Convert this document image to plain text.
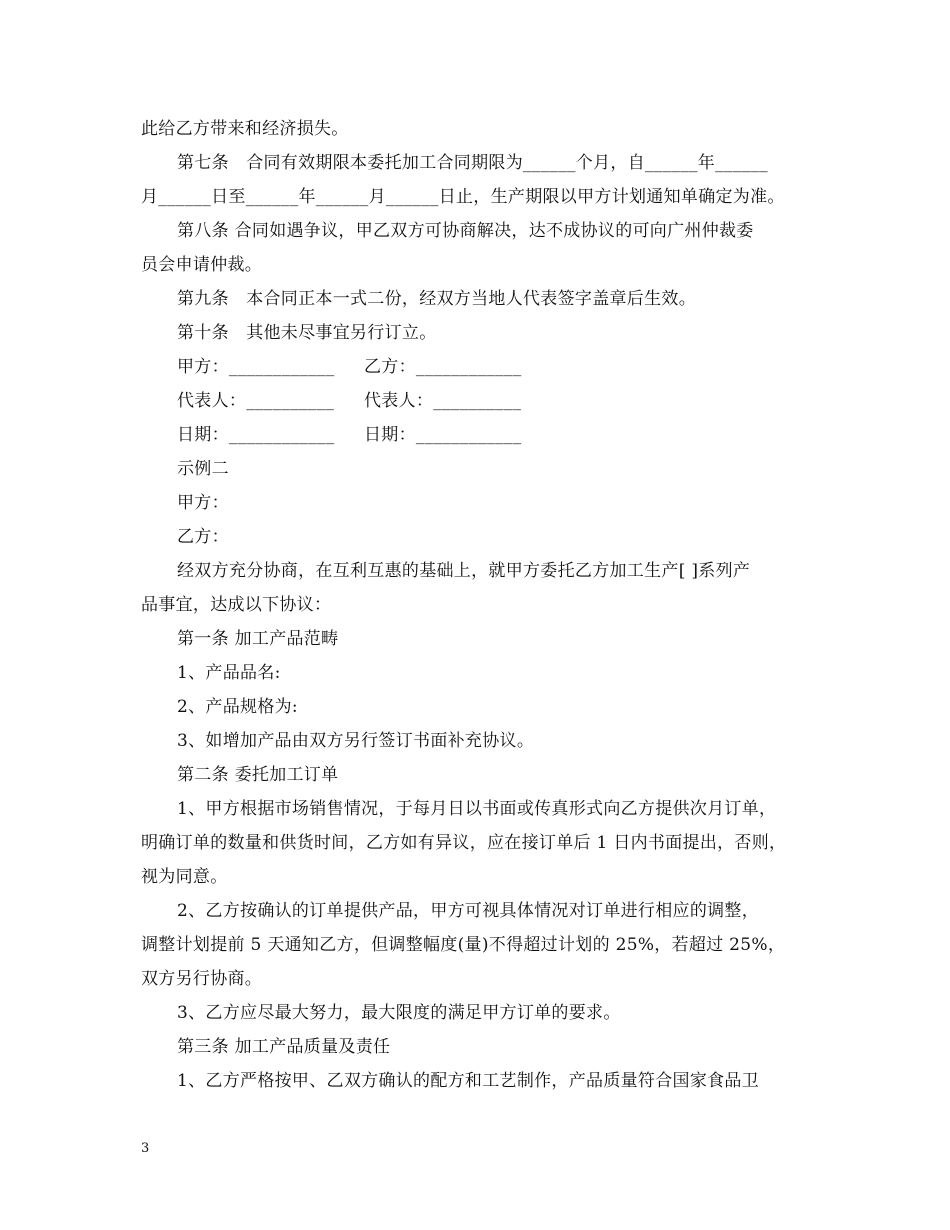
此给乙方带来和经济损失。
第七条　合同有效期限本委托加工合同期限为______个月，自______年______
月______日至______年______月______日止，生产期限以甲方计划通知单确定为准。
第八条 合同如遇争议，甲乙双方可协商解决，达不成协议的可向广州仲裁委
员会申请仲裁。
第九条　本合同正本一式二份，经双方当地人代表签字盖章后生效。
第十条　其他未尽事宜另行订立。
甲方：____________ 乙方：____________
代表人：__________ 代表人：__________
日期：____________ 日期：____________
示例二
甲方：
乙方：
经双方充分协商，在互利互惠的基础上，就甲方委托乙方加工生产[ ]系列产
品事宜，达成以下协议：
第一条 加工产品范畴
1、产品品名:
2、产品规格为:
3、如增加产品由双方另行签订书面补充协议。
第二条 委托加工订单
1、甲方根据市场销售情况，于每月日以书面或传真形式向乙方提供次月订单，
明确订单的数量和供货时间，乙方如有异议，应在接订单后 1 日内书面提出，否则，
视为同意。
2、乙方按确认的订单提供产品，甲方可视具体情况对订单进行相应的调整，
调整计划提前 5 天通知乙方，但调整幅度(量)不得超过计划的 25%，若超过 25%，
双方另行协商。
3、乙方应尽最大努力，最大限度的满足甲方订单的要求。
第三条 加工产品质量及责任
1、乙方严格按甲、乙双方确认的配方和工艺制作，产品质量符合国家食品卫
3
